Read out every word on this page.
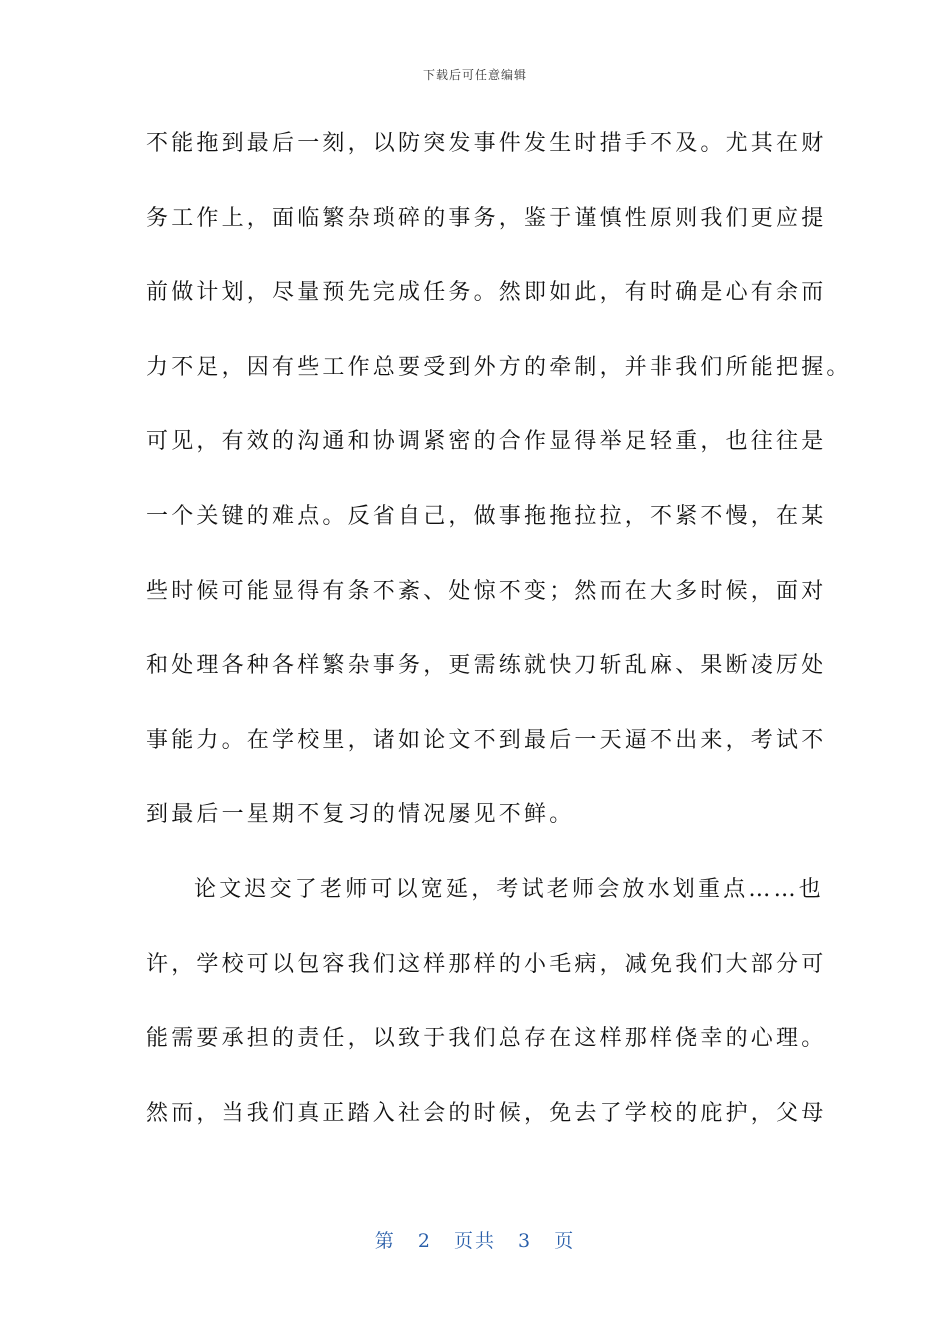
下载后可任意编辑
不能拖到最后一刻，以防突发事件发生时措手不及。尤其在财
务工作上，面临繁杂琐碎的事务，鉴于谨慎性原则我们更应提
前做计划，尽量预先完成任务。然即如此，有时确是心有余而
力不足，因有些工作总要受到外方的牵制，并非我们所能把握。
可见，有效的沟通和协调紧密的合作显得举足轻重，也往往是
一个关键的难点。反省自己，做事拖拖拉拉，不紧不慢，在某
些时候可能显得有条不紊、处惊不变；然而在大多时候，面对
和处理各种各样繁杂事务，更需练就快刀斩乱麻、果断凌厉处
事能力。在学校里，诸如论文不到最后一天逼不出来，考试不
到最后一星期不复习的情况屡见不鲜。
论文迟交了老师可以宽延，考试老师会放水划重点……也
许，学校可以包容我们这样那样的小毛病，减免我们大部分可
能需要承担的责任，以致于我们总存在这样那样侥幸的心理。
然而，当我们真正踏入社会的时候，免去了学校的庇护，父母
第 2 页共 3 页
